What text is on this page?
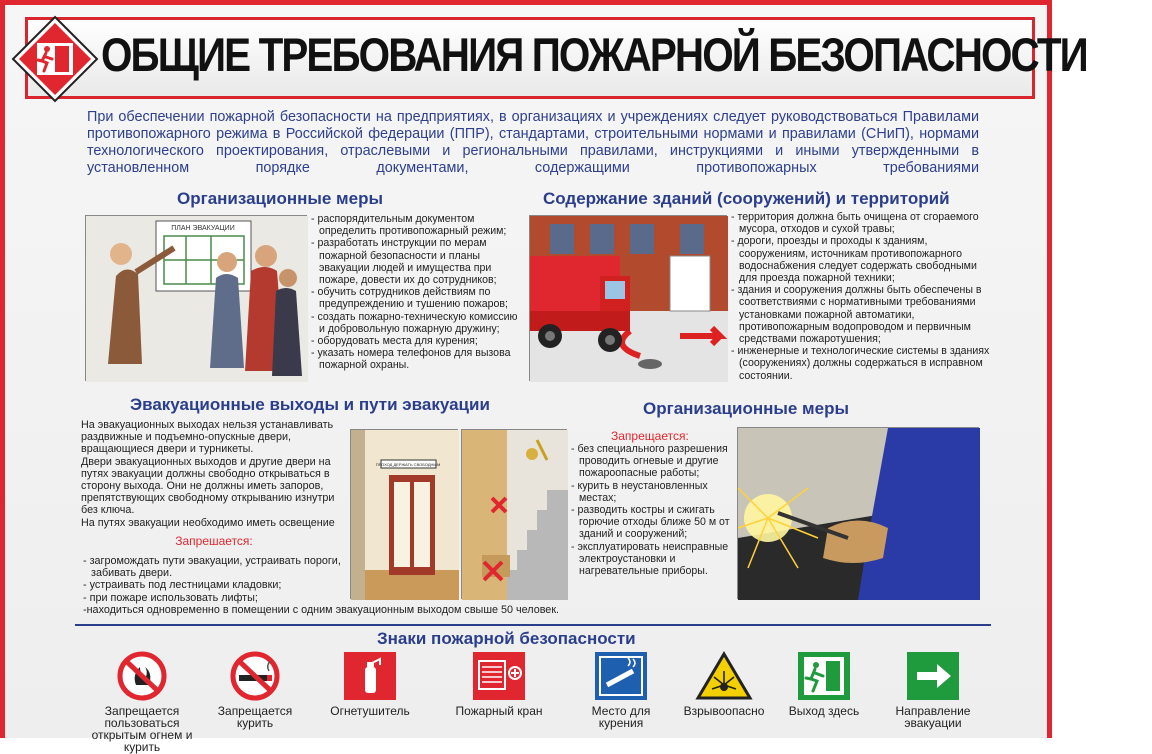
ОБЩИЕ ТРЕБОВАНИЯ ПОЖАРНОЙ БЕЗОПАСНОСТИ
При обеспечении пожарной безопасности на предприятиях, в организациях и учреждениях следует руководствоваться Правилами противопожарного режима в Российской федерации (ППР), стандартами, строительными нормами и правилами (СНиП), нормами технологического проектирования, отраслевыми и региональными правилами, инструкциями и иными утвержденными в установленном порядке документами, содержащими противопожарных требованиями
Организационные меры
ПЛАН ЭВАКУАЦИИ
- распорядительным документом определить противопожарный режим;
- разработать инструкции по мерам пожарной безопасности и планы эвакуации людей и имущества при пожаре, довести их до сотрудников;
- обучить сотрудников действиям по предупреждению и тушению пожаров;
- создать пожарно-техническую комиссию и добровольную пожарную дружину;
- оборудовать места для курения;
- указать номера телефонов для вызова пожарной охраны.
Содержание зданий (сооружений) и территорий
- территория должна быть очищена от сгораемого мусора, отходов и сухой травы;
- дороги, проезды и проходы к зданиям, сооружениям, источникам противопожарного водоснабжения следует содержать свободными для проезда пожарной техники;
- здания и сооружения должны быть обеспечены в соответствиями с нормативными требованиями установками пожарной автоматики, противопожарным водопроводом и первичным средствами пожаротушения;
- инженерные и технологические системы в зданиях (сооружениях) должны содержаться в исправном состоянии.
Эвакуационные выходы и пути эвакуации
На эвакуационных выходах нельзя устанавливать раздвижные и подъемно-опускные двери, вращающиеся двери и турникеты.
Двери эвакуационных выходов и другие двери на путях эвакуации должны свободно открываться в сторону выхода. Они не должны иметь запоров, препятствующих свободному открыванию изнутри без ключа.
На путях эвакуации необходимо иметь освещение
Запрешается:
- загромождать пути эвакуации, устраивать пороги, забивать двери.
- устраивать под лестницами кладовки;
- при пожаре использовать лифты;
-находиться одновременно в помещении с одним эвакуационным выходом свыше 50 человек.
ПРОХОД ДЕРЖАТЬ СВОБОДНЫМ
Организационные меры
Запрещается:
- без специального разрешения проводить огневые и другие пожароопасные работы;
- курить в неустановленных местах;
- разводить костры и сжигать горючие отходы ближе 50 м от зданий и сооружений;
- эксплуатировать неисправные электроустановки и нагревательные приборы.
Знаки пожарной безопасности
Запрещается пользоваться открытым огнем и курить
Запрещается курить
Огнетушитель	Пожарный кран	Место для курения
Взрывоопасно	Выход здесь	Направление эвакуации
